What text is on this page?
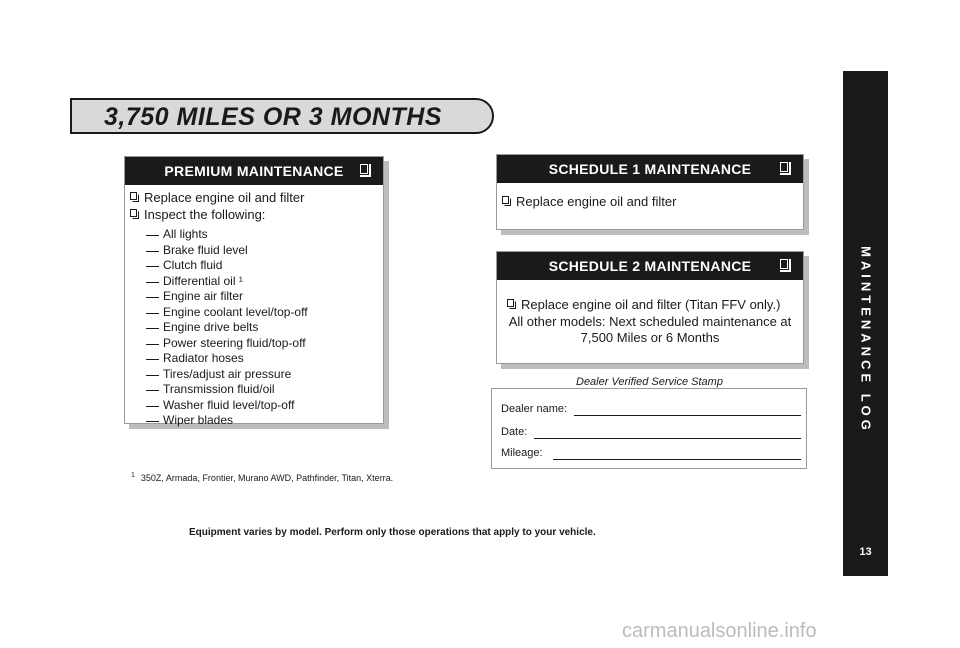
3,750 MILES OR 3 MONTHS
PREMIUM MAINTENANCE
Replace engine oil and filter
Inspect the following:
All lights
Brake fluid level
Clutch fluid
Differential oil ¹
Engine air filter
Engine coolant level/top-off
Engine drive belts
Power steering fluid/top-off
Radiator hoses
Tires/adjust air pressure
Transmission fluid/oil
Washer fluid level/top-off
Wiper blades
SCHEDULE 1 MAINTENANCE
Replace engine oil and filter
SCHEDULE 2 MAINTENANCE
Replace engine oil and filter (Titan FFV only.)
All other models: Next scheduled maintenance at
7,500 Miles or 6 Months
Dealer Verified Service Stamp
Dealer name:
Date:
Mileage:
$^1$ 350Z, Armada, Frontier, Murano AWD, Pathfinder, Titan, Xterra.
Equipment varies by model. Perform only those operations that apply to your vehicle.
MAINTENANCE LOG
13
carmanualsonline.info
